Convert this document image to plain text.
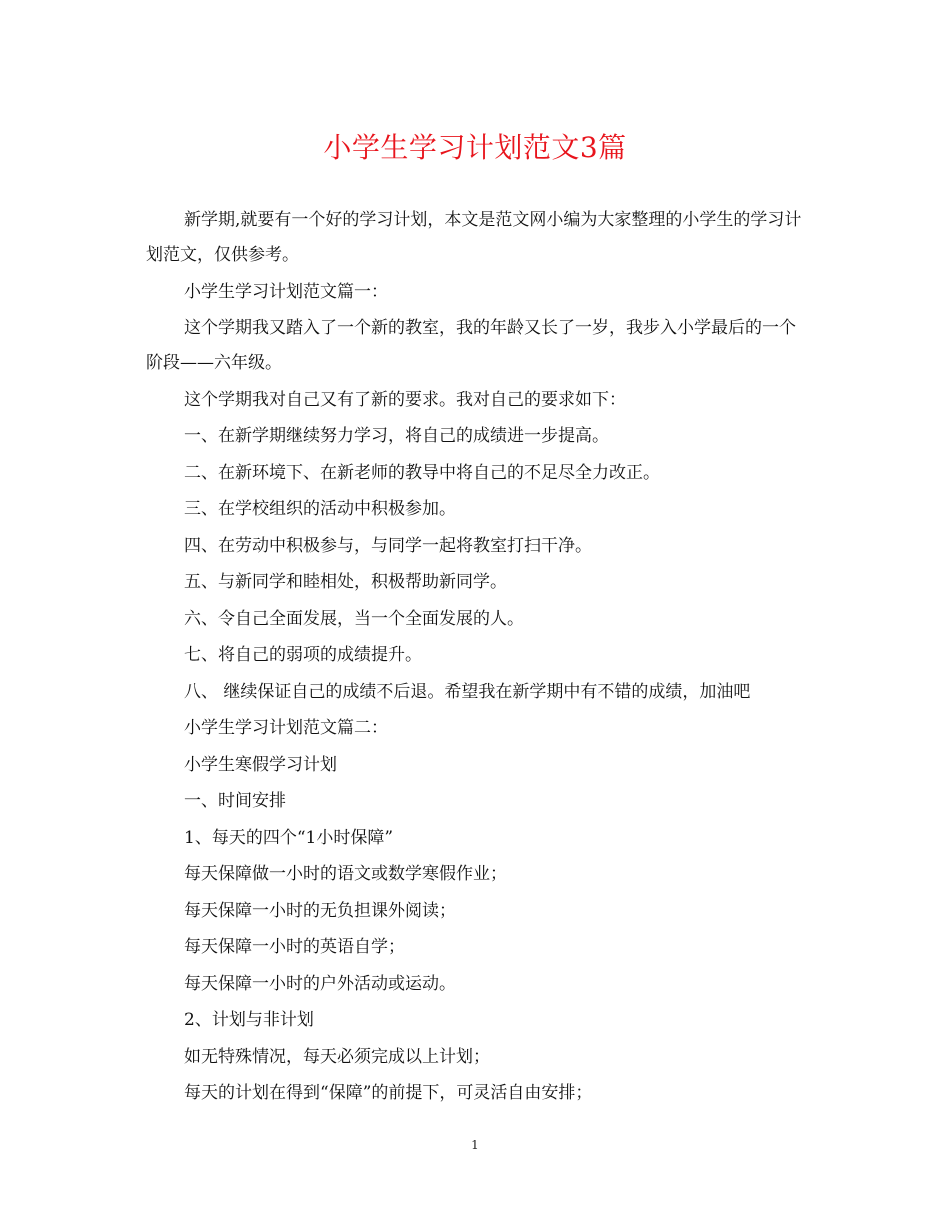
小学生学习计划范文3篇

新学期,就要有一个好的学习计划，本文是范文网小编为大家整理的小学生的学习计划范文，仅供参考。

小学生学习计划范文篇一：

这个学期我又踏入了一个新的教室，我的年龄又长了一岁，我步入小学最后的一个阶段——六年级。

这个学期我对自己又有了新的要求。我对自己的要求如下：

一、在新学期继续努力学习，将自己的成绩进一步提高。

二、在新环境下、在新老师的教导中将自己的不足尽全力改正。

三、在学校组织的活动中积极参加。

四、在劳动中积极参与，与同学一起将教室打扫干净。

五、与新同学和睦相处，积极帮助新同学。

六、令自己全面发展，当一个全面发展的人。

七、将自己的弱项的成绩提升。

八、 继续保证自己的成绩不后退。希望我在新学期中有不错的成绩，加油吧

小学生学习计划范文篇二：

小学生寒假学习计划

一、时间安排

1、每天的四个“1小时保障”

每天保障做一小时的语文或数学寒假作业；

每天保障一小时的无负担课外阅读；

每天保障一小时的英语自学；

每天保障一小时的户外活动或运动。

2、计划与非计划

如无特殊情况，每天必须完成以上计划；

每天的计划在得到“保障”的前提下，可灵活自由安排；

1
